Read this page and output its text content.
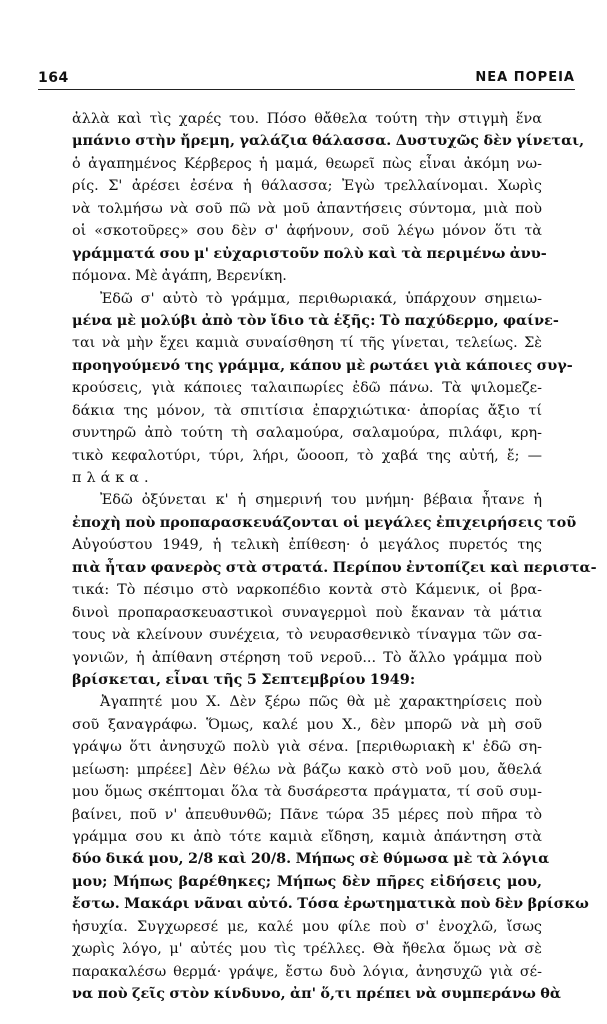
164	ΝΕΑ ΠΟΡΕΙΑ
ἀλλὰ καὶ τὶς χαρές του. Πόσο θἄθελα τούτη τὴν στιγμὴ ἕνα
μπάνιο στὴν ἤρεμη, γαλάζια θάλασσα. Δυστυχῶς δὲν γίνεται,
ὁ ἀγαπημένος Κέρβερος ἡ μαμά, θεωρεῖ πὼς εἶναι ἀκόμη νω-
ρίς. Σ' ἀρέσει ἐσένα ἡ θάλασσα; Ἐγὼ τρελλαίνομαι. Χωρὶς
νὰ τολμήσω νὰ σοῦ πῶ νὰ μοῦ ἀπαντήσεις σύντομα, μιὰ ποὺ
οἱ «σκοτοῦρες» σου δὲν σ' ἀφήνουν, σοῦ λέγω μόνον ὅτι τὰ
γράμματά σου μ' εὐχαριστοῦν πολὺ καὶ τὰ περιμένω ἀνυ-
πόμονα. Μὲ ἀγάπη, Βερενίκη.
Ἐδῶ σ' αὐτὸ τὸ γράμμα, περιθωριακά, ὑπάρχουν σημειω-
μένα μὲ μολύβι ἀπὸ τὸν ἴδιο τὰ ἑξῆς: Τὸ παχύδερμο, φαίνε-
ται νὰ μὴν ἔχει καμιὰ συναίσθηση τί τῆς γίνεται, τελείως. Σὲ
προηγούμενό της γράμμα, κάπου μὲ ρωτάει γιὰ κάποιες συγ-
κρούσεις, γιὰ κάποιες ταλαιπωρίες ἐδῶ πάνω. Τὰ ψιλομεζε-
δάκια της μόνον, τὰ σπιτίσια ἐπαρχιώτικα· ἀπορίας ἄξιο τί
συντηρῶ ἀπὸ τούτη τὴ σαλαμούρα, σαλαμούρα, πιλάφι, κρη-
τικὸ κεφαλοτύρι, τύρι, λήρι, ὤοοοπ, τὸ χαβά της αὐτή, ἔ; —
πλάκα.
Ἐδῶ ὀξύνεται κ' ἡ σημερινή του μνήμη· βέβαια ἦτανε ἡ
ἐποχὴ ποὺ προπαρασκευάζονται οἱ μεγάλες ἐπιχειρήσεις τοῦ
Αὐγούστου 1949, ἡ τελικὴ ἐπίθεση· ὁ μεγάλος πυρετός της
πιὰ ἦταν φανερὸς στὰ στρατά. Περίπου ἐντοπίζει καὶ περιστα-
τικά: Τὸ πέσιμο στὸ ναρκοπέδιο κοντὰ στὸ Κάμενικ, οἱ βρα-
δινοὶ προπαρασκευαστικοὶ συναγερμοὶ ποὺ ἔκαναν τὰ μάτια
τους νὰ κλείνουν συνέχεια, τὸ νευρασθενικὸ τίναγμα τῶν σα-
γονιῶν, ἡ ἀπίθανη στέρηση τοῦ νεροῦ... Τὸ ἄλλο γράμμα ποὺ
βρίσκεται, εἶναι τῆς 5 Σεπτεμβρίου 1949:
Ἀγαπητέ μου Χ. Δὲν ξέρω πῶς θὰ μὲ χαρακτηρίσεις ποὺ
σοῦ ξαναγράφω. Ὅμως, καλέ μου Χ., δὲν μπορῶ νὰ μὴ σοῦ
γράψω ὅτι ἀνησυχῶ πολὺ γιὰ σένα. [περιθωριακὴ κ' ἐδῶ ση-
μείωση: μπρέεε] Δὲν θέλω νὰ βάζω κακὸ στὸ νοῦ μου, ἄθελά
μου ὅμως σκέπτομαι ὅλα τὰ δυσάρεστα πράγματα, τί σοῦ συμ-
βαίνει, ποῦ ν' ἀπευθυνθῶ; Πᾶνε τώρα 35 μέρες ποὺ πῆρα τὸ
γράμμα σου κι ἀπὸ τότε καμιὰ εἴδηση, καμιὰ ἀπάντηση στὰ
δύο δικά μου, 2/8 καὶ 20/8. Μήπως σὲ θύμωσα μὲ τὰ λόγια
μου; Μήπως βαρέθηκες; Μήπως δὲν πῆρες εἰδήσεις μου,
ἔστω. Μακάρι νᾶναι αὐτό. Τόσα ἐρωτηματικὰ ποὺ δὲν βρίσκω
ἡσυχία. Συγχωρεσέ με, καλέ μου φίλε ποὺ σ' ἐνοχλῶ, ἴσως
χωρὶς λόγο, μ' αὐτές μου τὶς τρέλλες. Θὰ ἤθελα ὅμως νὰ σὲ
παρακαλέσω θερμά· γράψε, ἔστω δυὸ λόγια, ἀνησυχῶ γιὰ σέ-
να ποὺ ζεῖς στὸν κίνδυνο, ἀπ' ὅ,τι πρέπει νὰ συμπεράνω θὰ
